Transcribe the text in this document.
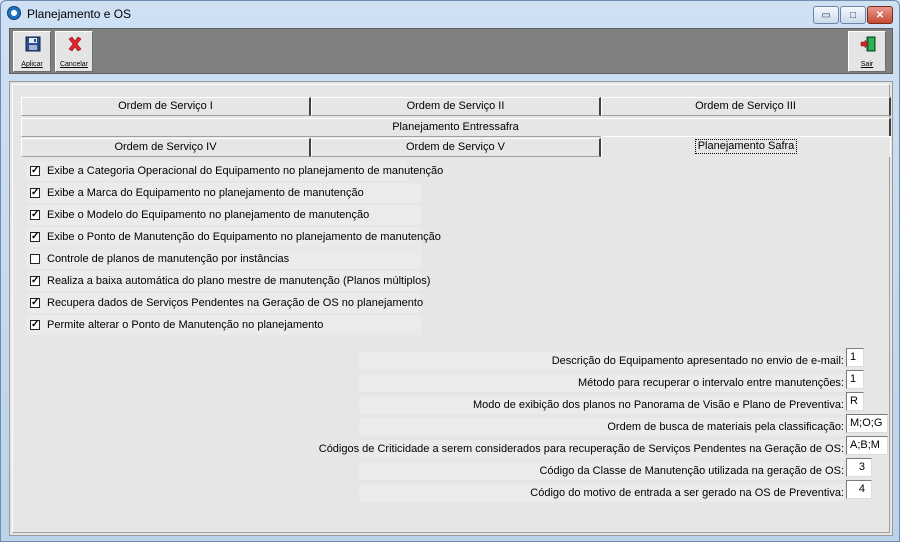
Planejamento e OS	▭ □ ✕
Aplicar	Cancelar	Sair
Ordem de Serviço I	Ordem de Serviço II	Ordem de Serviço III
Planejamento Entressafra
Ordem de Serviço IV	Ordem de Serviço V	Planejamento Safra
✓ Exibe a Categoria Operacional do Equipamento no planejamento de manutenção
✓ Exibe a Marca do Equipamento no planejamento de manutenção
✓ Exibe o Modelo do Equipamento no planejamento de manutenção
✓ Exibe o Ponto de Manutenção do Equipamento no planejamento de manutenção
Controle de planos de manutenção por instâncias
✓ Realiza a baixa automática do plano mestre de manutenção (Planos múltiplos)
✓ Recupera dados de Serviços Pendentes na Geração de OS no planejamento
✓ Permite alterar o Ponto de Manutenção no planejamento
Descrição do Equipamento apresentado no envio de e-mail: 1
Método para recuperar o intervalo entre manutenções: 1
Modo de exibição dos planos no Panorama de Visão e Plano de Preventiva: R
Ordem de busca de materiais pela classificação: M;O;G
Códigos de Criticidade a serem considerados para recuperação de Serviços Pendentes na Geração de OS: A;B;M
Código da Classe de Manutenção utilizada na geração de OS:	3
Código do motivo de entrada a ser gerado na OS de Preventiva:	4
